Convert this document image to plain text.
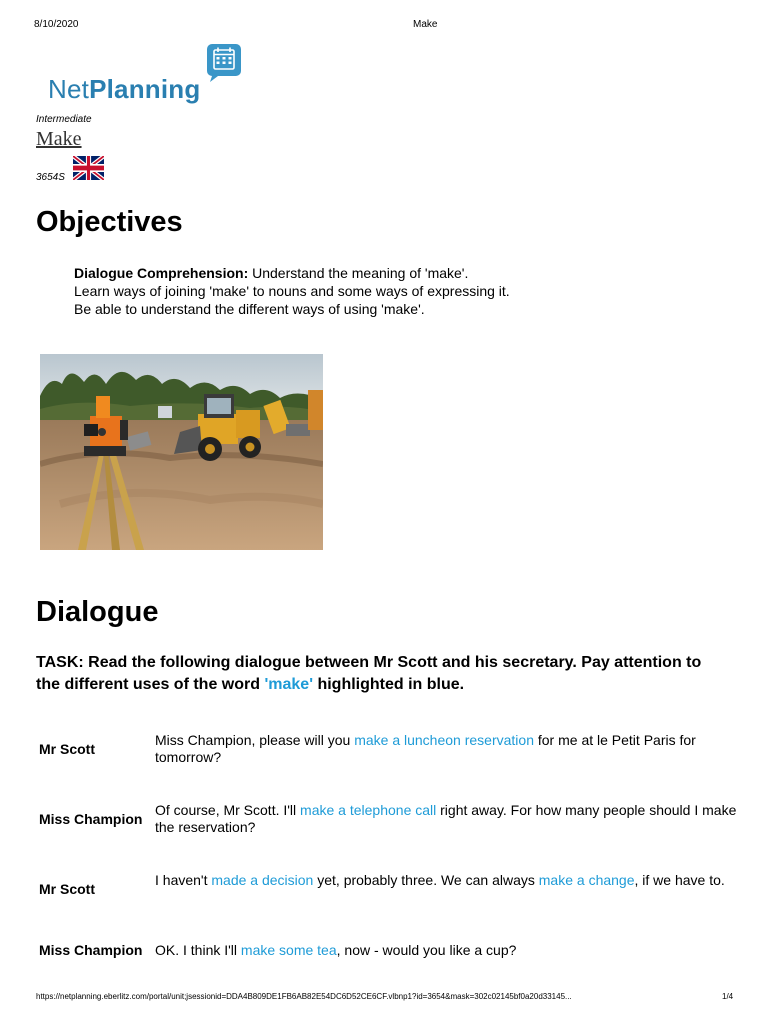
8/10/2020	Make
NetPlanning
Intermediate
Make
3654S
Objectives
Dialogue Comprehension: Understand the meaning of 'make'.
Learn ways of joining 'make' to nouns and some ways of expressing it.
Be able to understand the different ways of using 'make'.
Dialogue
TASK: Read the following dialogue between Mr Scott and his secretary. Pay attention to the different uses of the word 'make' highlighted in blue.
Mr Scott
Miss Champion, please will you make a luncheon reservation for me at le Petit Paris for tomorrow?
Miss Champion
Of course, Mr Scott. I'll make a telephone call right away. For how many people should I make the reservation?
Mr Scott
I haven't made a decision yet, probably three. We can always make a change, if we have to.
Miss Champion OK. I think I'll make some tea, now - would you like a cup?
https://netplanning.eberlitz.com/portal/unit;jsessionid=DDA4B809DE1FB6AB82E54DC6D52CE6CF.vlbnp1?id=3654&mask=302c02145bf0a20d33145...	1/4
